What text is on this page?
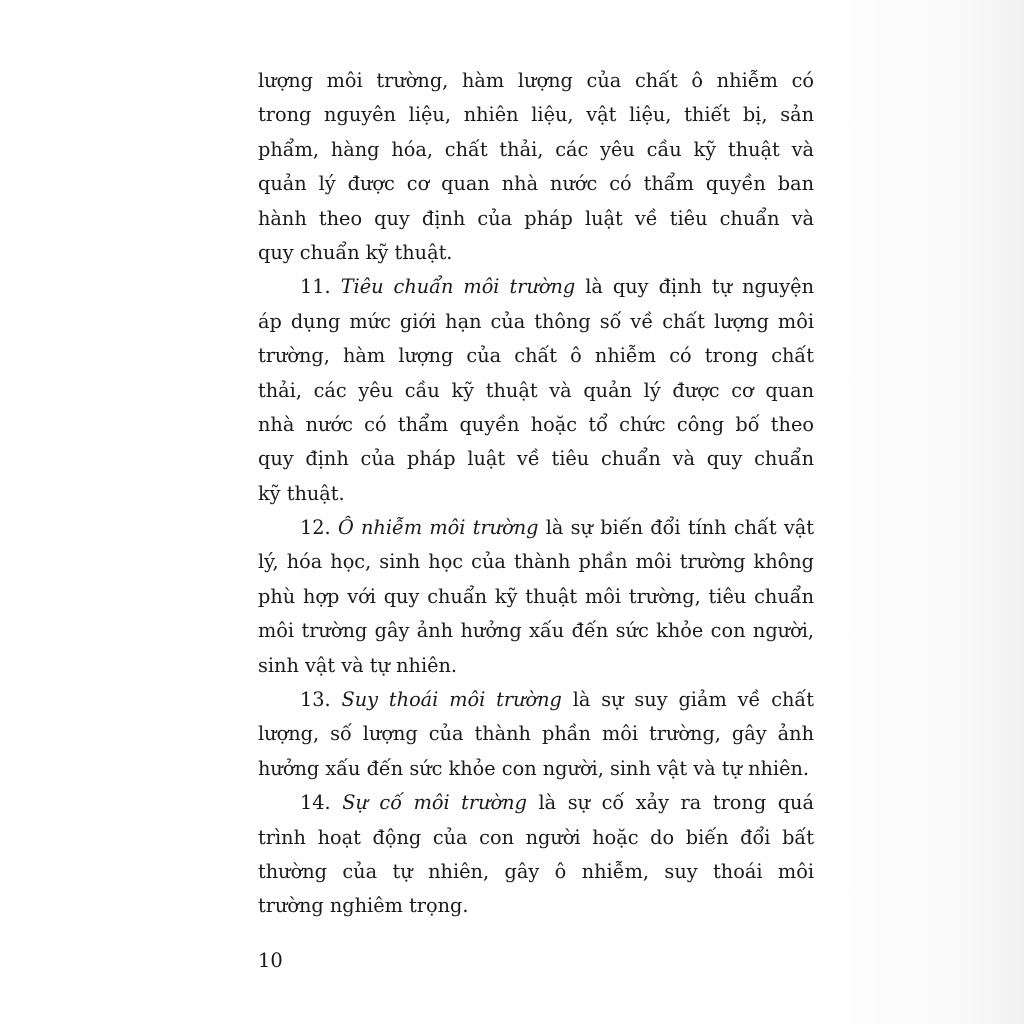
lượng môi trường, hàm lượng của chất ô nhiễm có
trong nguyên liệu, nhiên liệu, vật liệu, thiết bị, sản
phẩm, hàng hóa, chất thải, các yêu cầu kỹ thuật và
quản lý được cơ quan nhà nước có thẩm quyền ban
hành theo quy định của pháp luật về tiêu chuẩn và
quy chuẩn kỹ thuật.
11. Tiêu chuẩn môi trường là quy định tự nguyện
áp dụng mức giới hạn của thông số về chất lượng môi
trường, hàm lượng của chất ô nhiễm có trong chất
thải, các yêu cầu kỹ thuật và quản lý được cơ quan
nhà nước có thẩm quyền hoặc tổ chức công bố theo
quy định của pháp luật về tiêu chuẩn và quy chuẩn
kỹ thuật.
12. Ô nhiễm môi trường là sự biến đổi tính chất vật
lý, hóa học, sinh học của thành phần môi trường không
phù hợp với quy chuẩn kỹ thuật môi trường, tiêu chuẩn
môi trường gây ảnh hưởng xấu đến sức khỏe con người,
sinh vật và tự nhiên.
13. Suy thoái môi trường là sự suy giảm về chất
lượng, số lượng của thành phần môi trường, gây ảnh
hưởng xấu đến sức khỏe con người, sinh vật và tự nhiên.
14. Sự cố môi trường là sự cố xảy ra trong quá
trình hoạt động của con người hoặc do biến đổi bất
thường của tự nhiên, gây ô nhiễm, suy thoái môi
trường nghiêm trọng.
10
